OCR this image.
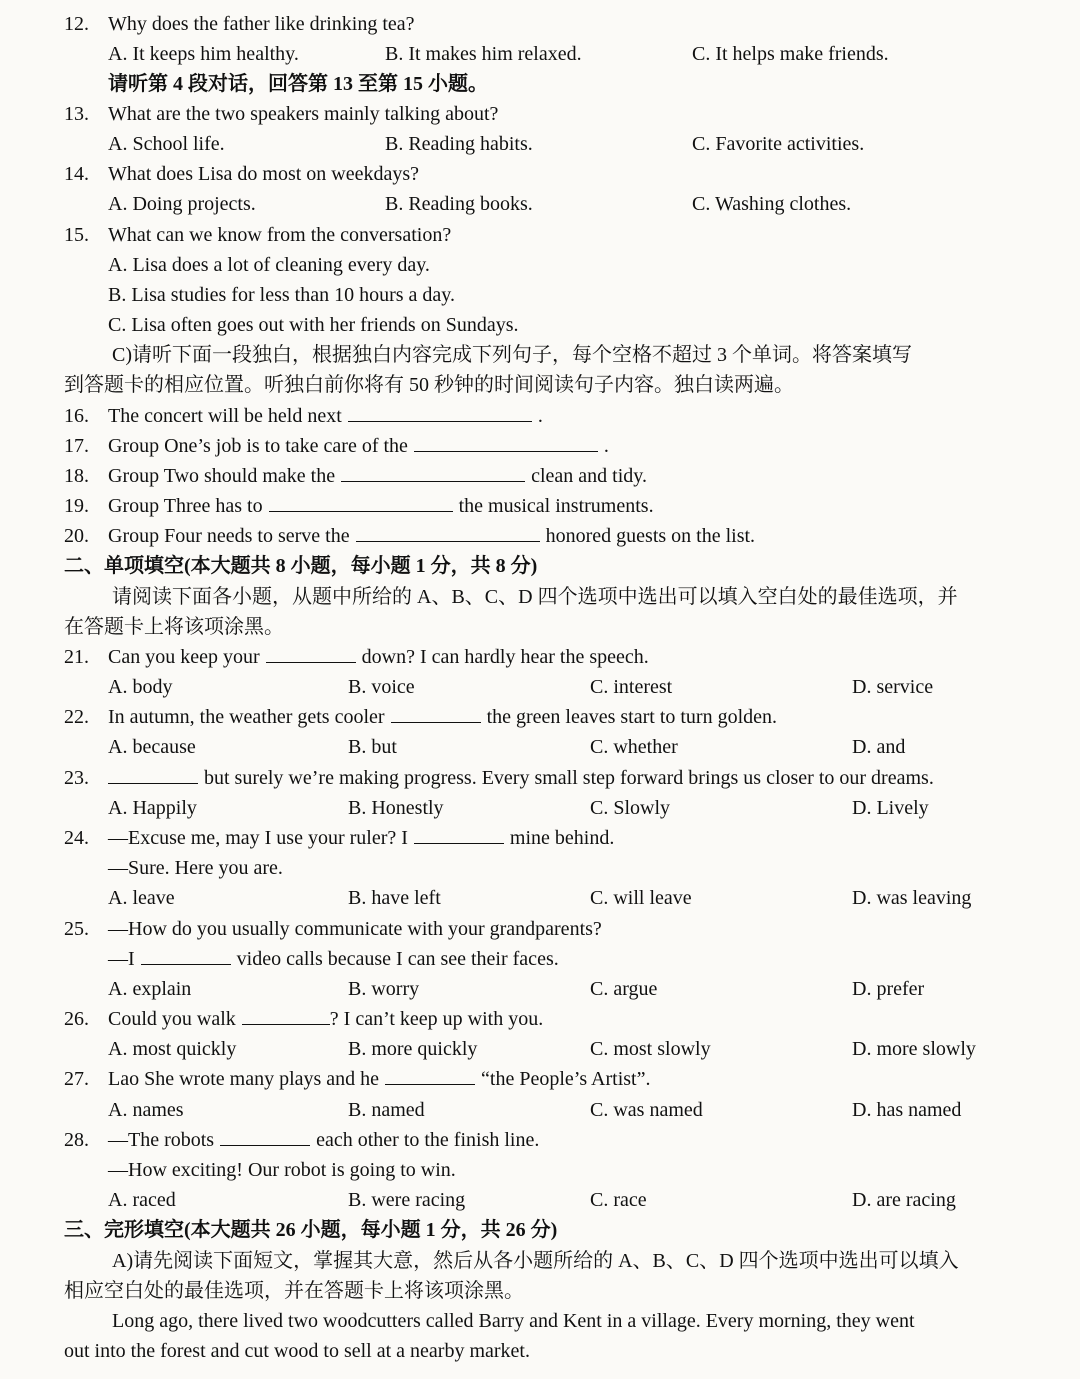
12. Why does the father like drinking tea?
A. It keeps him healthy.	B. It makes him relaxed.	C. It helps make friends.
请听第 4 段对话，回答第 13 至第 15 小题。
13. What are the two speakers mainly talking about?
A. School life.	B. Reading habits.	C. Favorite activities.
14. What does Lisa do most on weekdays?
A. Doing projects.	B. Reading books.	C. Washing clothes.
15. What can we know from the conversation?
A. Lisa does a lot of cleaning every day.
B. Lisa studies for less than 10 hours a day.
C. Lisa often goes out with her friends on Sundays.
C)请听下面一段独白，根据独白内容完成下列句子，每个空格不超过 3 个单词。将答案填写
到答题卡的相应位置。听独白前你将有 50 秒钟的时间阅读句子内容。独白读两遍。
16. The concert will be held next	.
17. Group One’s job is to take care of the	.
18. Group Two should make the	clean and tidy.
19. Group Three has to	the musical instruments.
20. Group Four needs to serve the	honored guests on the list.
二、单项填空(本大题共 8 小题，每小题 1 分，共 8 分)
请阅读下面各小题，从题中所给的 A、B、C、D 四个选项中选出可以填入空白处的最佳选项，并
在答题卡上将该项涂黑。
21. Can you keep your	down? I can hardly hear the speech.
A. body	B. voice	C. interest	D. service
22. In autumn, the weather gets cooler	the green leaves start to turn golden.
A. because	B. but	C. whether	D. and
23.	but surely we’re making progress. Every small step forward brings us closer to our dreams.
A. Happily	B. Honestly	C. Slowly	D. Lively
24. —Excuse me, may I use your ruler? I	mine behind.
—Sure. Here you are.
A. leave	B. have left	C. will leave	D. was leaving
25. —How do you usually communicate with your grandparents?
—I	video calls because I can see their faces.
A. explain	B. worry	C. argue	D. prefer
26. Could you walk	? I can’t keep up with you.
A. most quickly	B. more quickly	C. most slowly	D. more slowly
27. Lao She wrote many plays and he	“the People’s Artist”.
A. names	B. named	C. was named	D. has named
28. —The robots	each other to the finish line.
—How exciting! Our robot is going to win.
A. raced	B. were racing	C. race	D. are racing
三、完形填空(本大题共 26 小题，每小题 1 分，共 26 分)
A)请先阅读下面短文，掌握其大意，然后从各小题所给的 A、B、C、D 四个选项中选出可以填入
相应空白处的最佳选项，并在答题卡上将该项涂黑。
Long ago, there lived two woodcutters called Barry and Kent in a village. Every morning, they went
out into the forest and cut wood to sell at a nearby market.
